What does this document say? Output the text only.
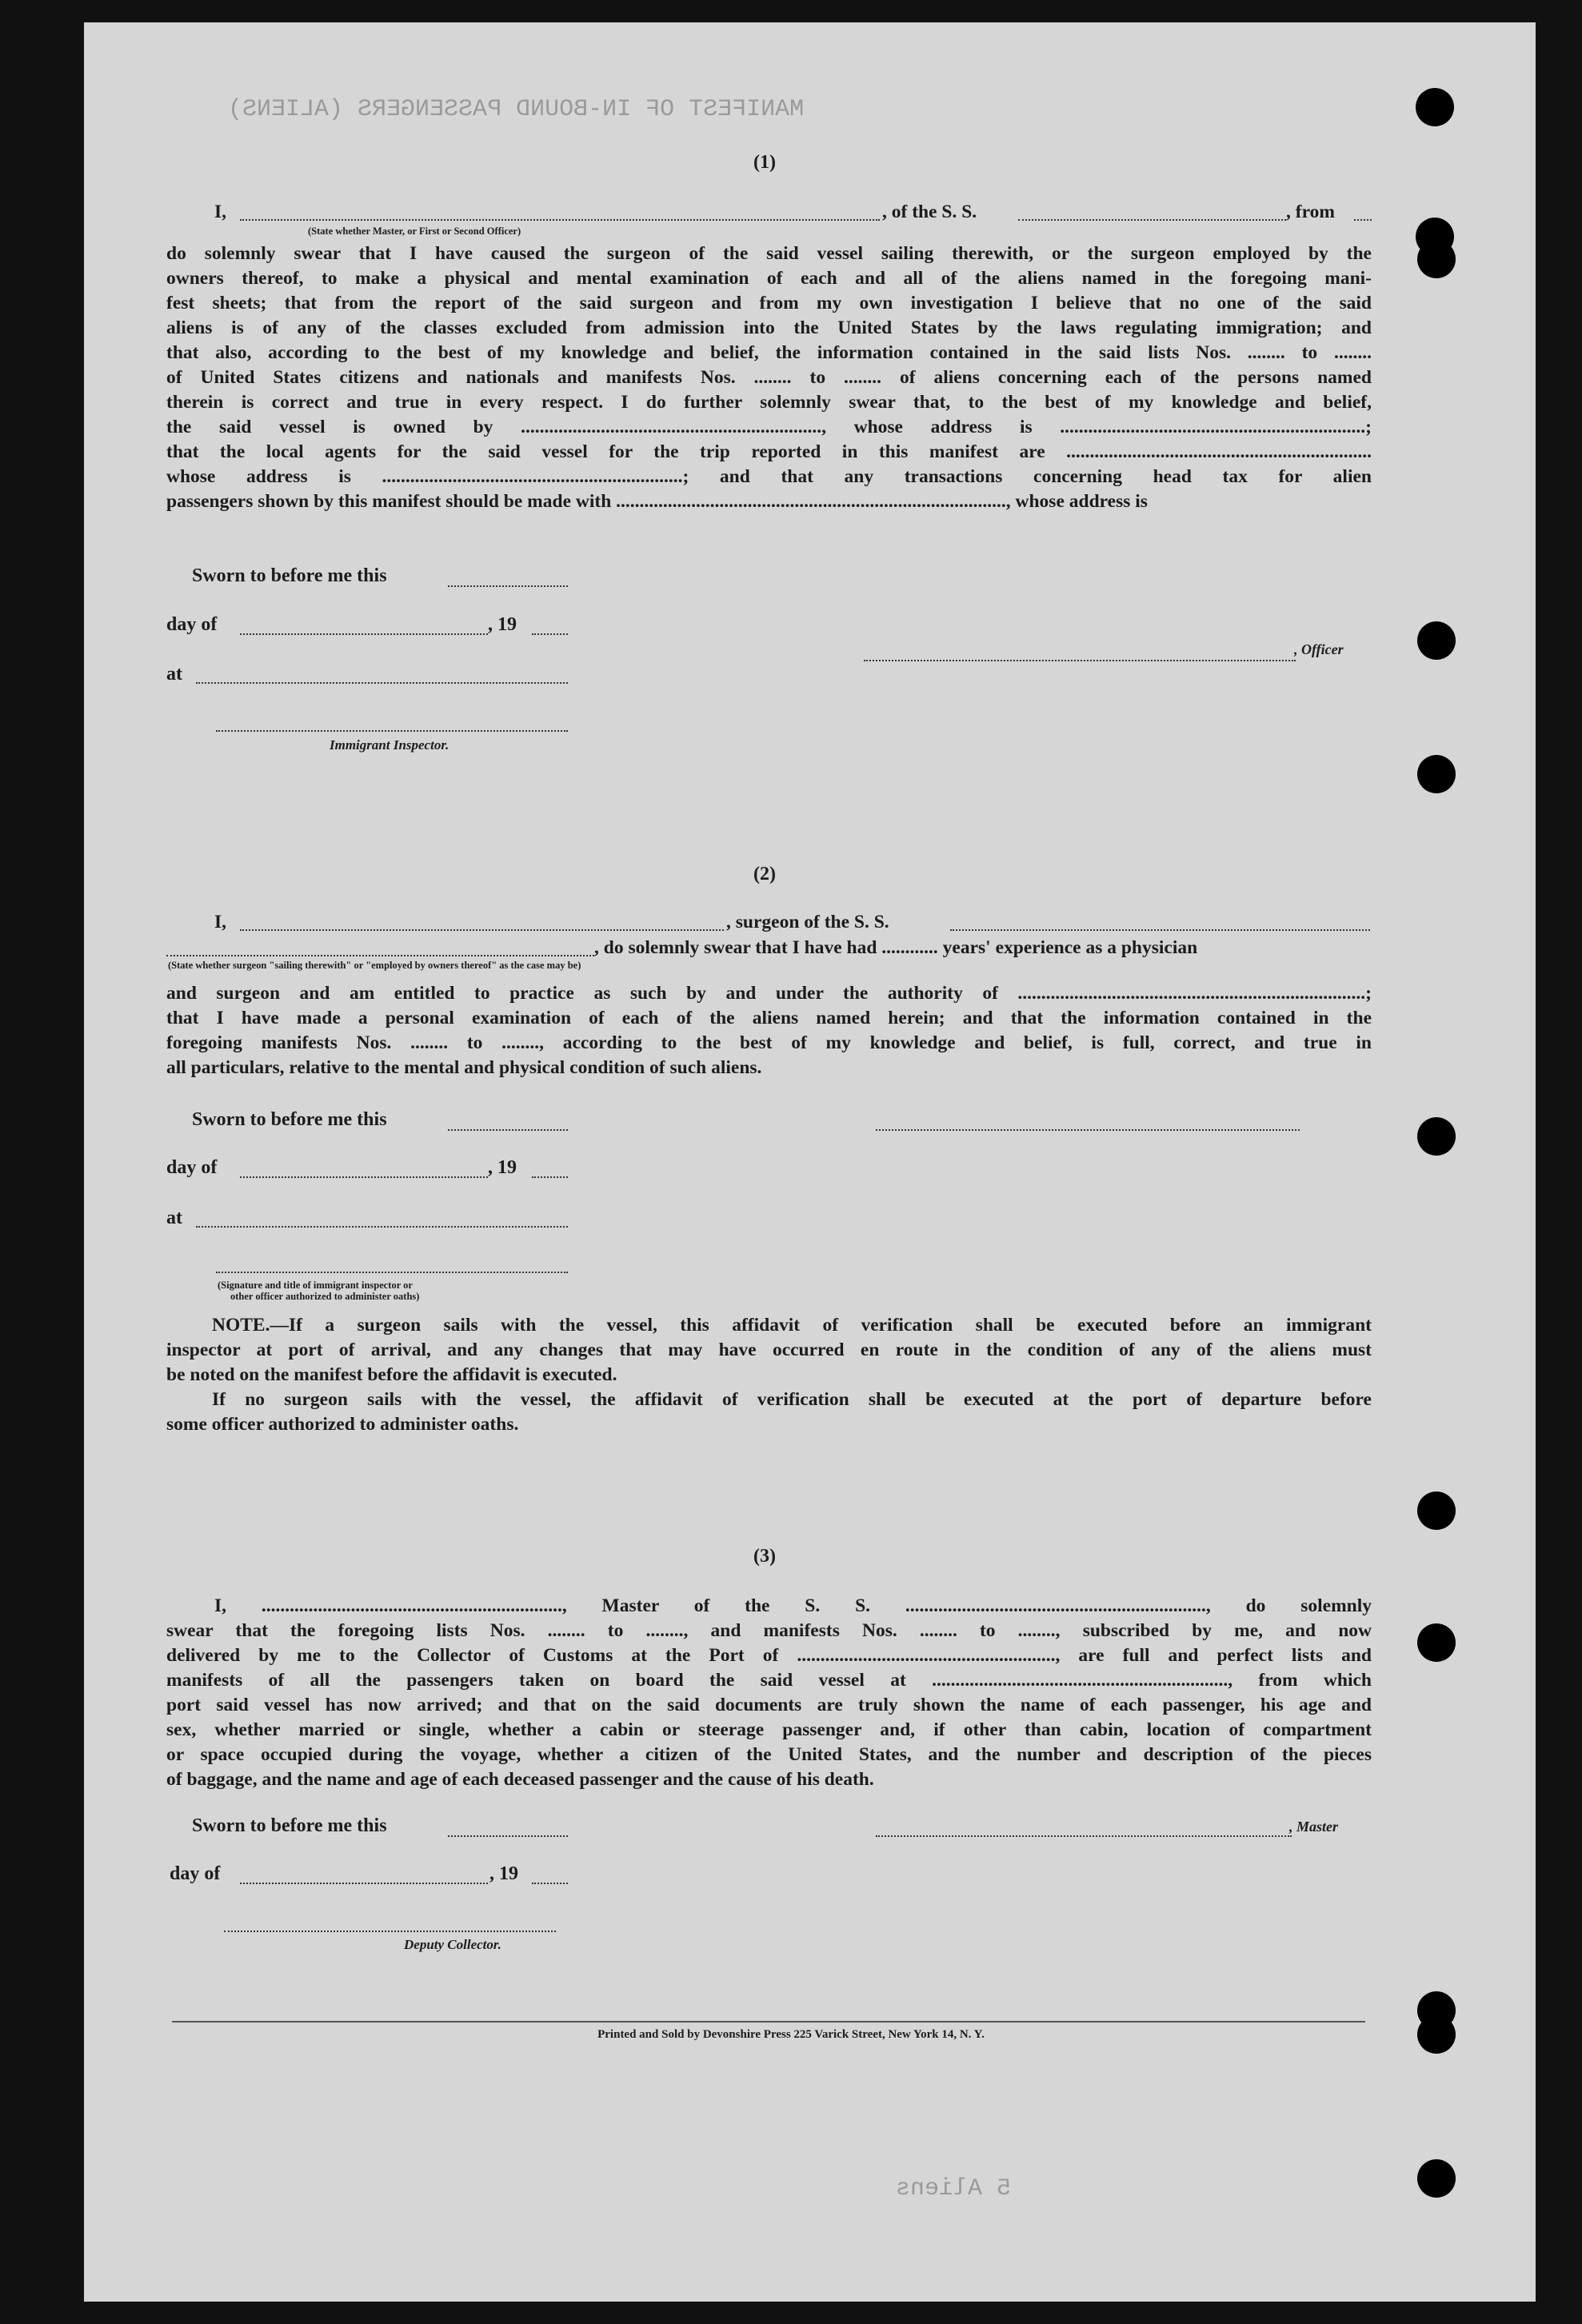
MANIFEST OF IN-BOUND PASSENGERS (ALIENS)
5 Aliens
(1)
I,	, of the S. S.	, from
(State whether Master, or First or Second Officer)
do solemnly swear that I have caused the surgeon of the said vessel sailing therewith, or the surgeon employed by the
owners thereof, to make a physical and mental examination of each and all of the aliens named in the foregoing mani-
fest sheets; that from the report of the said surgeon and from my own investigation I believe that no one of the said
aliens is of any of the classes excluded from admission into the United States by the laws regulating immigration; and
that also, according to the best of my knowledge and belief, the information contained in the said lists Nos. ........ to ........
of United States citizens and nationals and manifests Nos. ........ to ........ of aliens concerning each of the persons named
therein is correct and true in every respect. I do further solemnly swear that, to the best of my knowledge and belief,
the said vessel is owned by ................................................................, whose address is .................................................................;
that the local agents for the said vessel for the trip reported in this manifest are .................................................................
whose address is ................................................................; and that any transactions concerning head tax for alien
passengers shown by this manifest should be made with ..................................................................................., whose address is
Sworn to before me this
day of	, 19
at
, Officer
Immigrant Inspector.
(2)
I,	, surgeon of the S. S.
, do solemnly swear that I have had ............ years' experience as a physician
(State whether surgeon "sailing therewith" or "employed by owners thereof" as the case may be)
and surgeon and am entitled to practice as such by and under the authority of ..........................................................................;
that I have made a personal examination of each of the aliens named herein; and that the information contained in the
foregoing manifests Nos. ........ to ........, according to the best of my knowledge and belief, is full, correct, and true in
all particulars, relative to the mental and physical condition of such aliens.
Sworn to before me this
day of	, 19
at
(Signature and title of immigrant inspector or
other officer authorized to administer oaths)
NOTE.—If a surgeon sails with the vessel, this affidavit of verification shall be executed before an immigrant
inspector at port of arrival, and any changes that may have occurred en route in the condition of any of the aliens must
be noted on the manifest before the affidavit is executed.
If no surgeon sails with the vessel, the affidavit of verification shall be executed at the port of departure before
some officer authorized to administer oaths.
(3)
I, ................................................................, Master of the S. S. ................................................................, do solemnly
swear that the foregoing lists Nos. ........ to ........, and manifests Nos. ........ to ........, subscribed by me, and now
delivered by me to the Collector of Customs at the Port of ......................................................., are full and perfect lists and
manifests of all the passengers taken on board the said vessel at ..............................................................., from which
port said vessel has now arrived; and that on the said documents are truly shown the name of each passenger, his age and
sex, whether married or single, whether a cabin or steerage passenger and, if other than cabin, location of compartment
or space occupied during the voyage, whether a citizen of the United States, and the number and description of the pieces
of baggage, and the name and age of each deceased passenger and the cause of his death.
Sworn to before me this	, Master
day of	, 19
Deputy Collector.
Printed and Sold by Devonshire Press 225 Varick Street, New York 14, N. Y.
